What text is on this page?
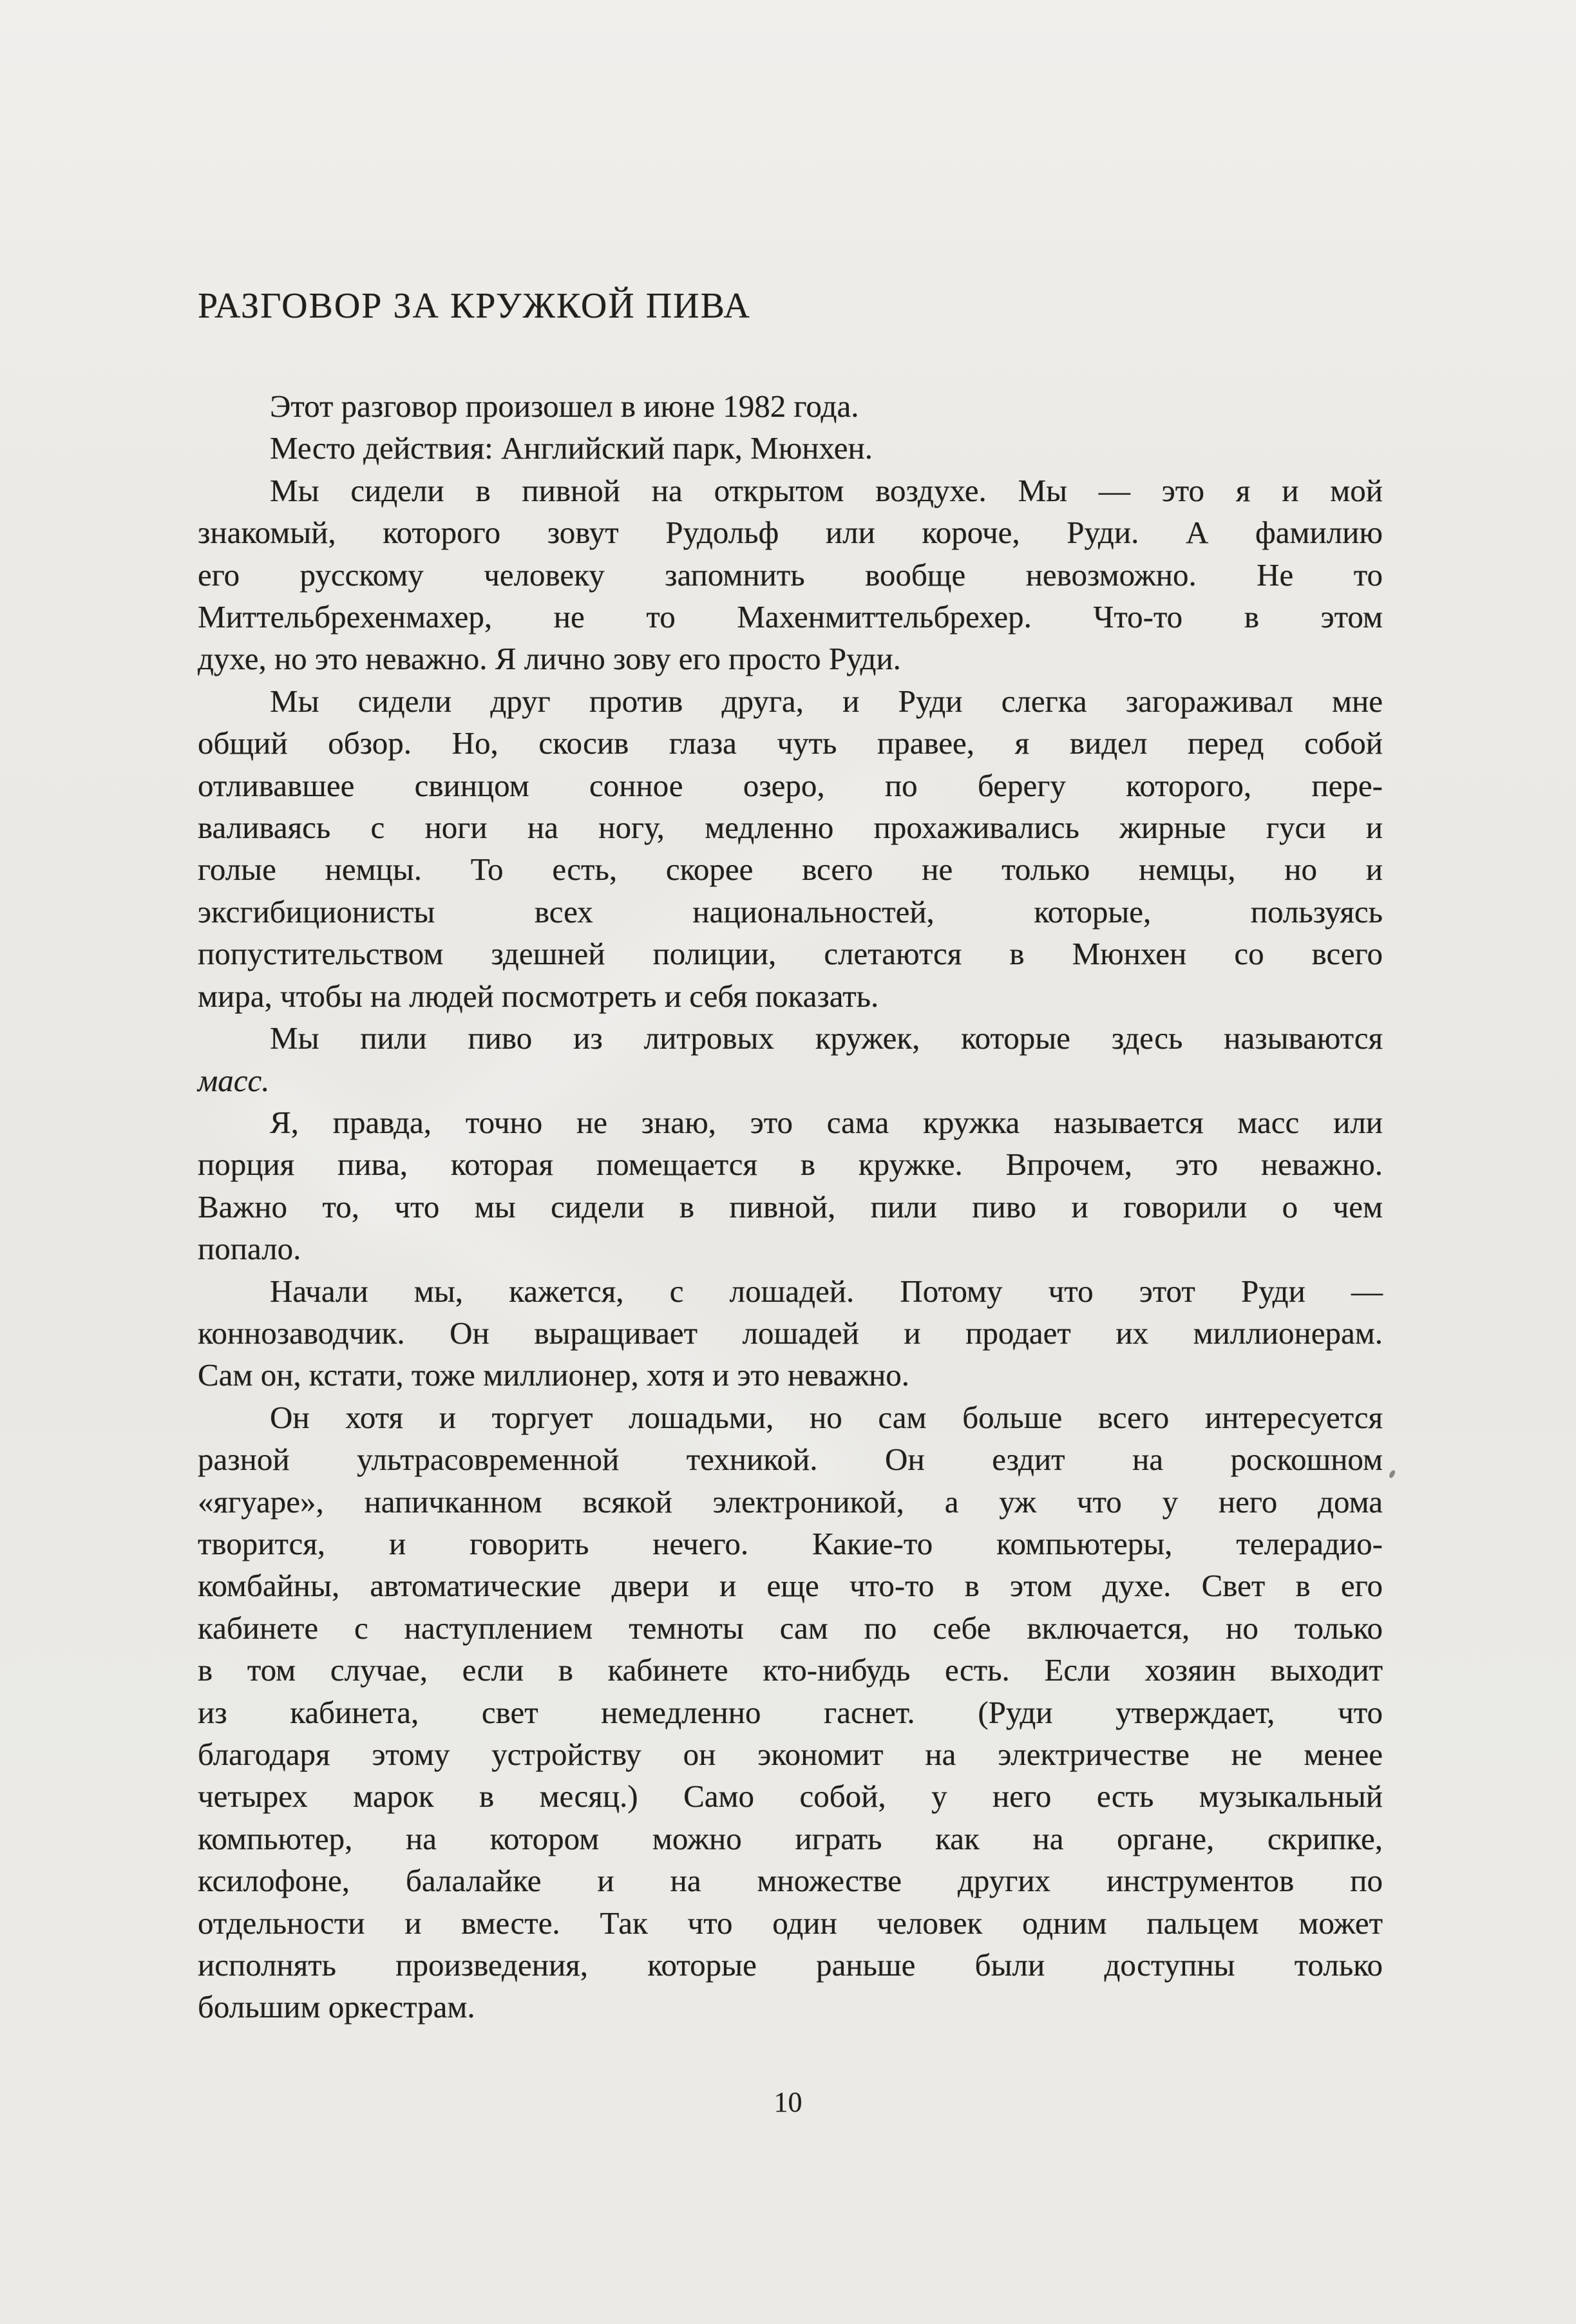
РАЗГОВОР ЗА КРУЖКОЙ ПИВА
Этот разговор произошел в июне 1982 года.
Место действия: Английский парк, Мюнхен.
Мы сидели в пивной на открытом воздухе. Мы — это я и мой
знакомый, которого зовут Рудольф или короче, Руди. А фамилию
его русскому человеку запомнить вообще невозможно. Не то
Миттельбрехенмахер, не то Махенмиттельбрехер. Что-то в этом
духе, но это неважно. Я лично зову его просто Руди.
Мы сидели друг против друга, и Руди слегка загораживал мне
общий обзор. Но, скосив глаза чуть правее, я видел перед собой
отливавшее свинцом сонное озеро, по берегу которого, пере-
валиваясь с ноги на ногу, медленно прохаживались жирные гуси и
голые немцы. То есть, скорее всего не только немцы, но и
эксгибиционисты всех национальностей, которые, пользуясь
попустительством здешней полиции, слетаются в Мюнхен со всего
мира, чтобы на людей посмотреть и себя показать.
Мы пили пиво из литровых кружек, которые здесь называются
масс.
Я, правда, точно не знаю, это сама кружка называется масс или
порция пива, которая помещается в кружке. Впрочем, это неважно.
Важно то, что мы сидели в пивной, пили пиво и говорили о чем
попало.
Начали мы, кажется, с лошадей. Потому что этот Руди —
коннозаводчик. Он выращивает лошадей и продает их миллионерам.
Сам он, кстати, тоже миллионер, хотя и это неважно.
Он хотя и торгует лошадьми, но сам больше всего интересуется
разной ультрасовременной техникой. Он ездит на роскошном
«ягуаре», напичканном всякой электроникой, а уж что у него дома
творится, и говорить нечего. Какие-то компьютеры, телерадио-
комбайны, автоматические двери и еще что-то в этом духе. Свет в его
кабинете с наступлением темноты сам по себе включается, но только
в том случае, если в кабинете кто-нибудь есть. Если хозяин выходит
из кабинета, свет немедленно гаснет. (Руди утверждает, что
благодаря этому устройству он экономит на электричестве не менее
четырех марок в месяц.) Само собой, у него есть музыкальный
компьютер, на котором можно играть как на органе, скрипке,
ксилофоне, балалайке и на множестве других инструментов по
отдельности и вместе. Так что один человек одним пальцем может
исполнять произведения, которые раньше были доступны только
большим оркестрам.
10
